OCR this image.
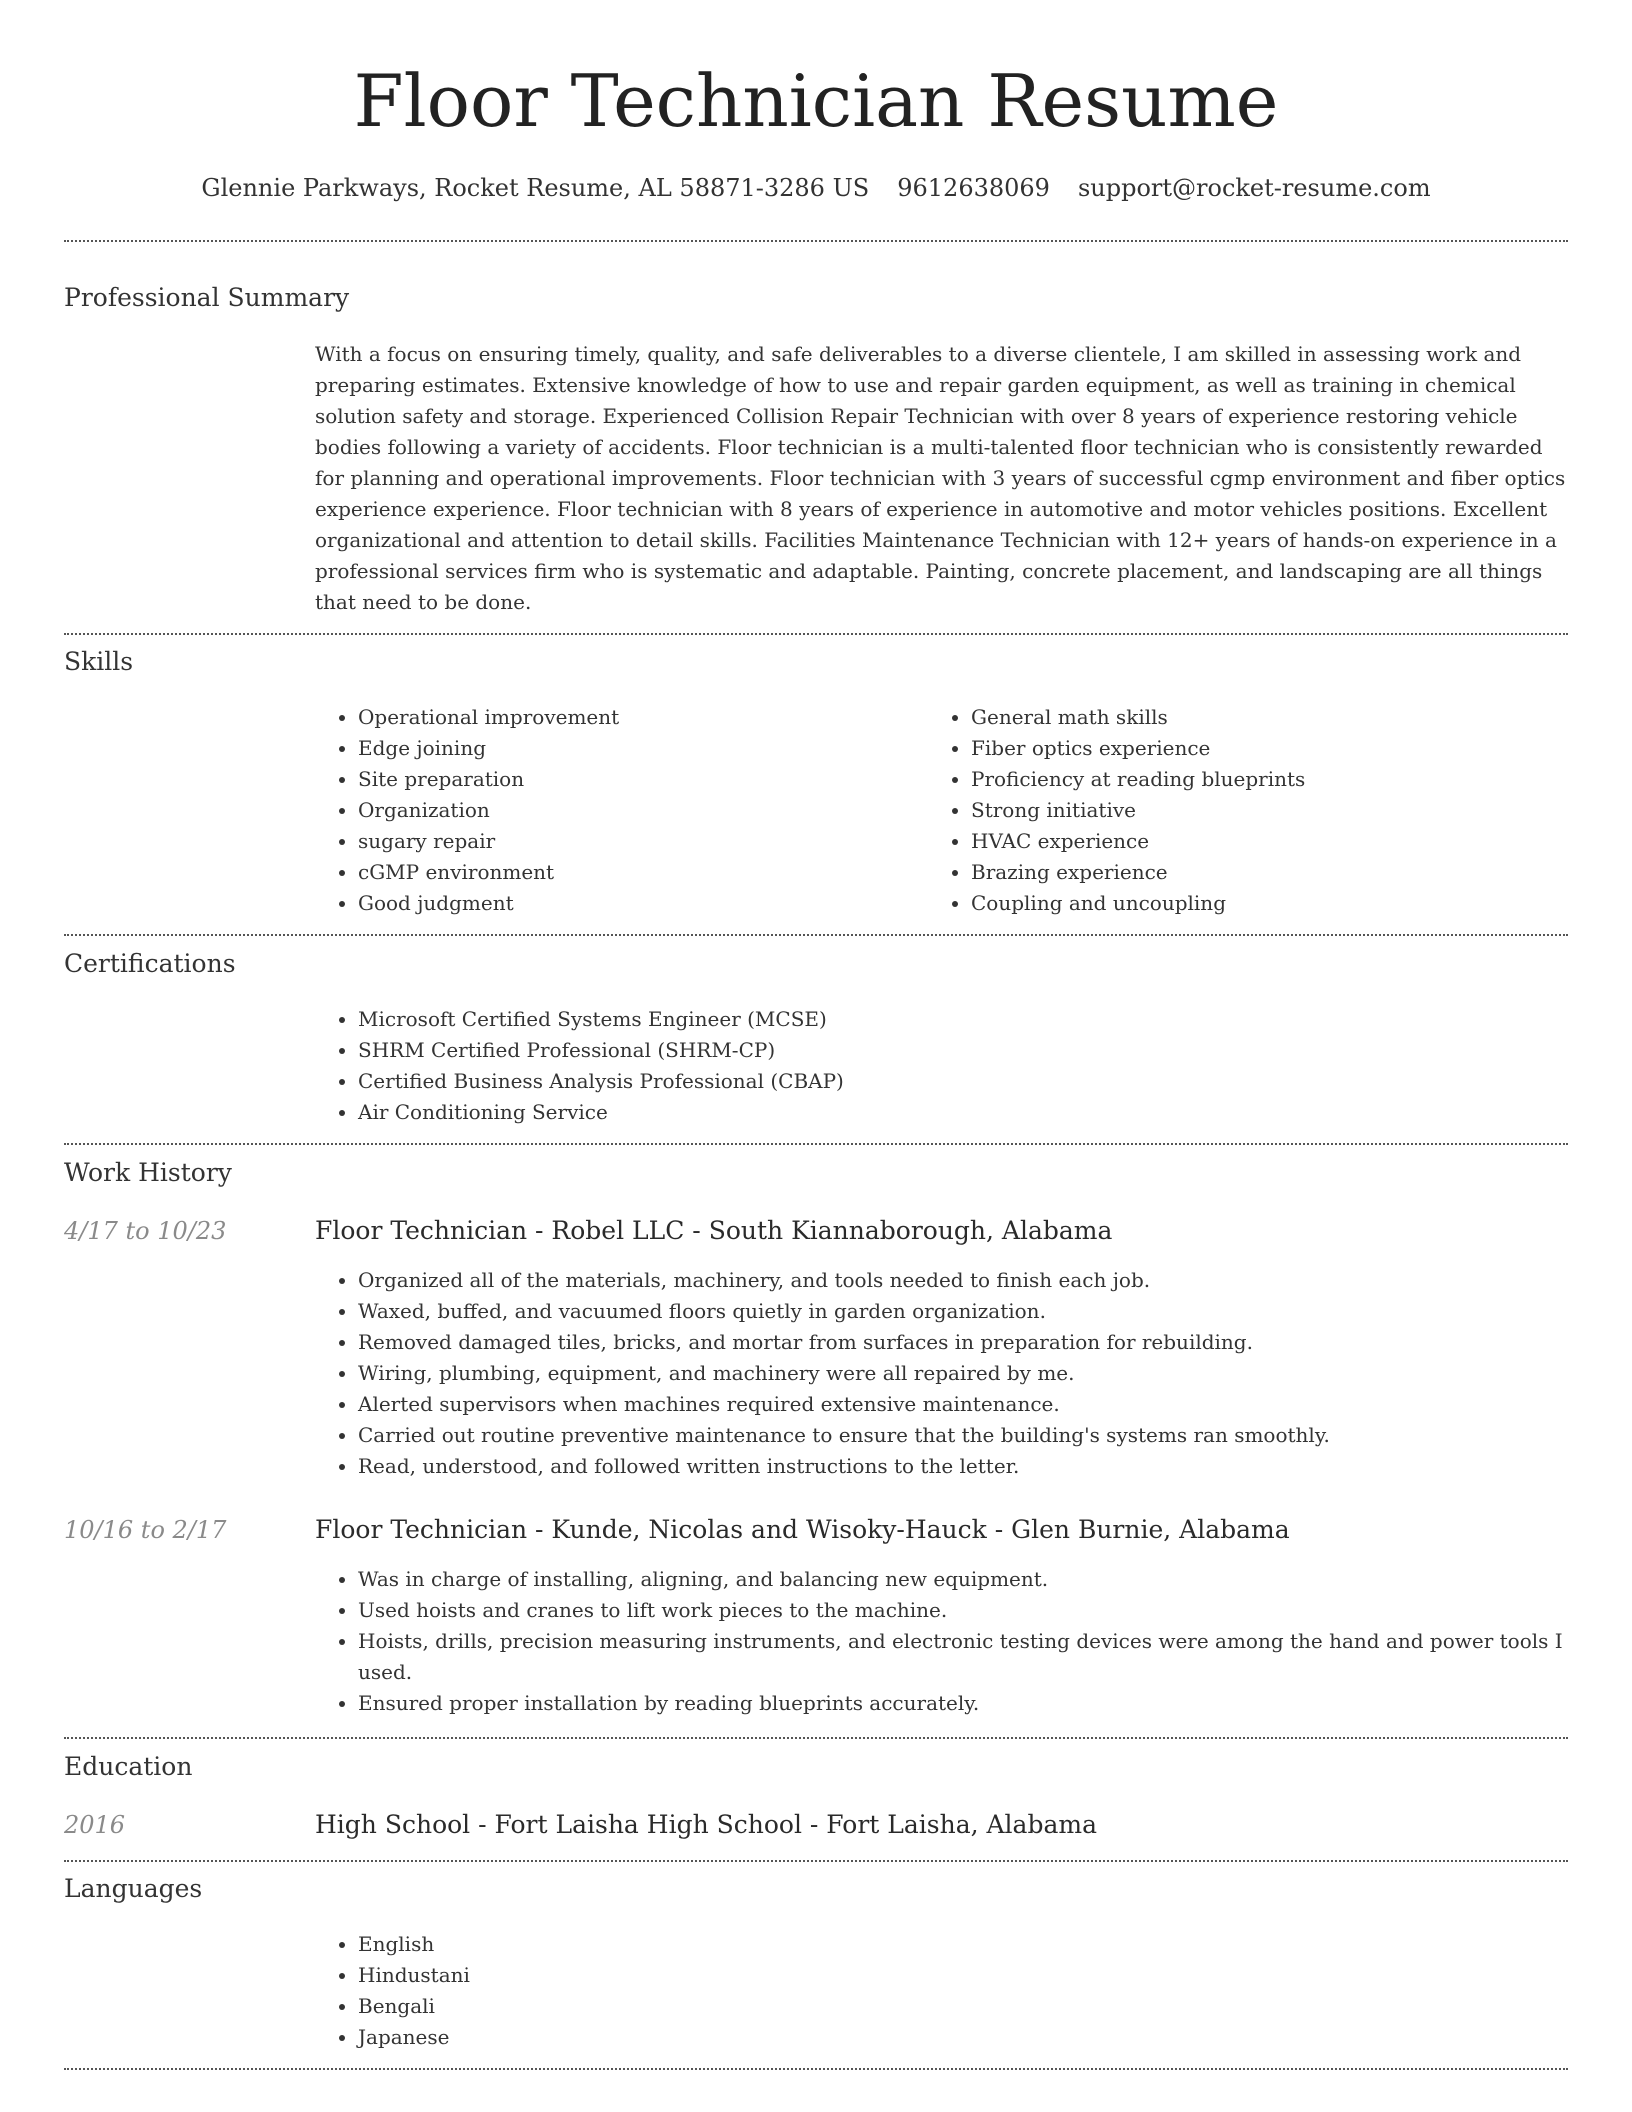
Floor Technician Resume
Glennie Parkways, Rocket Resume, AL 58871-3286 US 9612638069 support@rocket-resume.com
Professional Summary

With a focus on ensuring timely, quality, and safe deliverables to a diverse clientele, I am skilled in assessing work and preparing estimates. Extensive knowledge of how to use and repair garden equipment, as well as training in chemical solution safety and storage. Experienced Collision Repair Technician with over 8 years of experience restoring vehicle bodies following a variety of accidents. Floor technician is a multi-talented floor technician who is consistently rewarded for planning and operational improvements. Floor technician with 3 years of successful cgmp environment and fiber optics experience experience. Floor technician with 8 years of experience in automotive and motor vehicles positions. Excellent organizational and attention to detail skills. Facilities Maintenance Technician with 12+ years of hands-on experience in a professional services firm who is systematic and adaptable. Painting, concrete placement, and landscaping are all things that need to be done.

Skills
• Operational improvement
• Edge joining
• Site preparation
• Organization
• sugary repair
• cGMP environment
• Good judgment
• General math skills
• Fiber optics experience
• Proficiency at reading blueprints
• Strong initiative
• HVAC experience
• Brazing experience
• Coupling and uncoupling
Certifications
• Microsoft Certified Systems Engineer (MCSE)
• SHRM Certified Professional (SHRM-CP)
• Certified Business Analysis Professional (CBAP)
• Air Conditioning Service
Work History
4/17 to 10/23	Floor Technician - Robel LLC - South Kiannaborough, Alabama
• Organized all of the materials, machinery, and tools needed to finish each job.
• Waxed, buffed, and vacuumed floors quietly in garden organization.
• Removed damaged tiles, bricks, and mortar from surfaces in preparation for rebuilding.
• Wiring, plumbing, equipment, and machinery were all repaired by me.
• Alerted supervisors when machines required extensive maintenance.
• Carried out routine preventive maintenance to ensure that the building's systems ran smoothly.
• Read, understood, and followed written instructions to the letter.
10/16 to 2/17	Floor Technician - Kunde, Nicolas and Wisoky-Hauck - Glen Burnie, Alabama
• Was in charge of installing, aligning, and balancing new equipment.
• Used hoists and cranes to lift work pieces to the machine.
• Hoists, drills, precision measuring instruments, and electronic testing devices were among the hand and power tools I used.
• Ensured proper installation by reading blueprints accurately.
Education
2016	High School - Fort Laisha High School - Fort Laisha, Alabama
Languages
• English
• Hindustani
• Bengali
• Japanese
